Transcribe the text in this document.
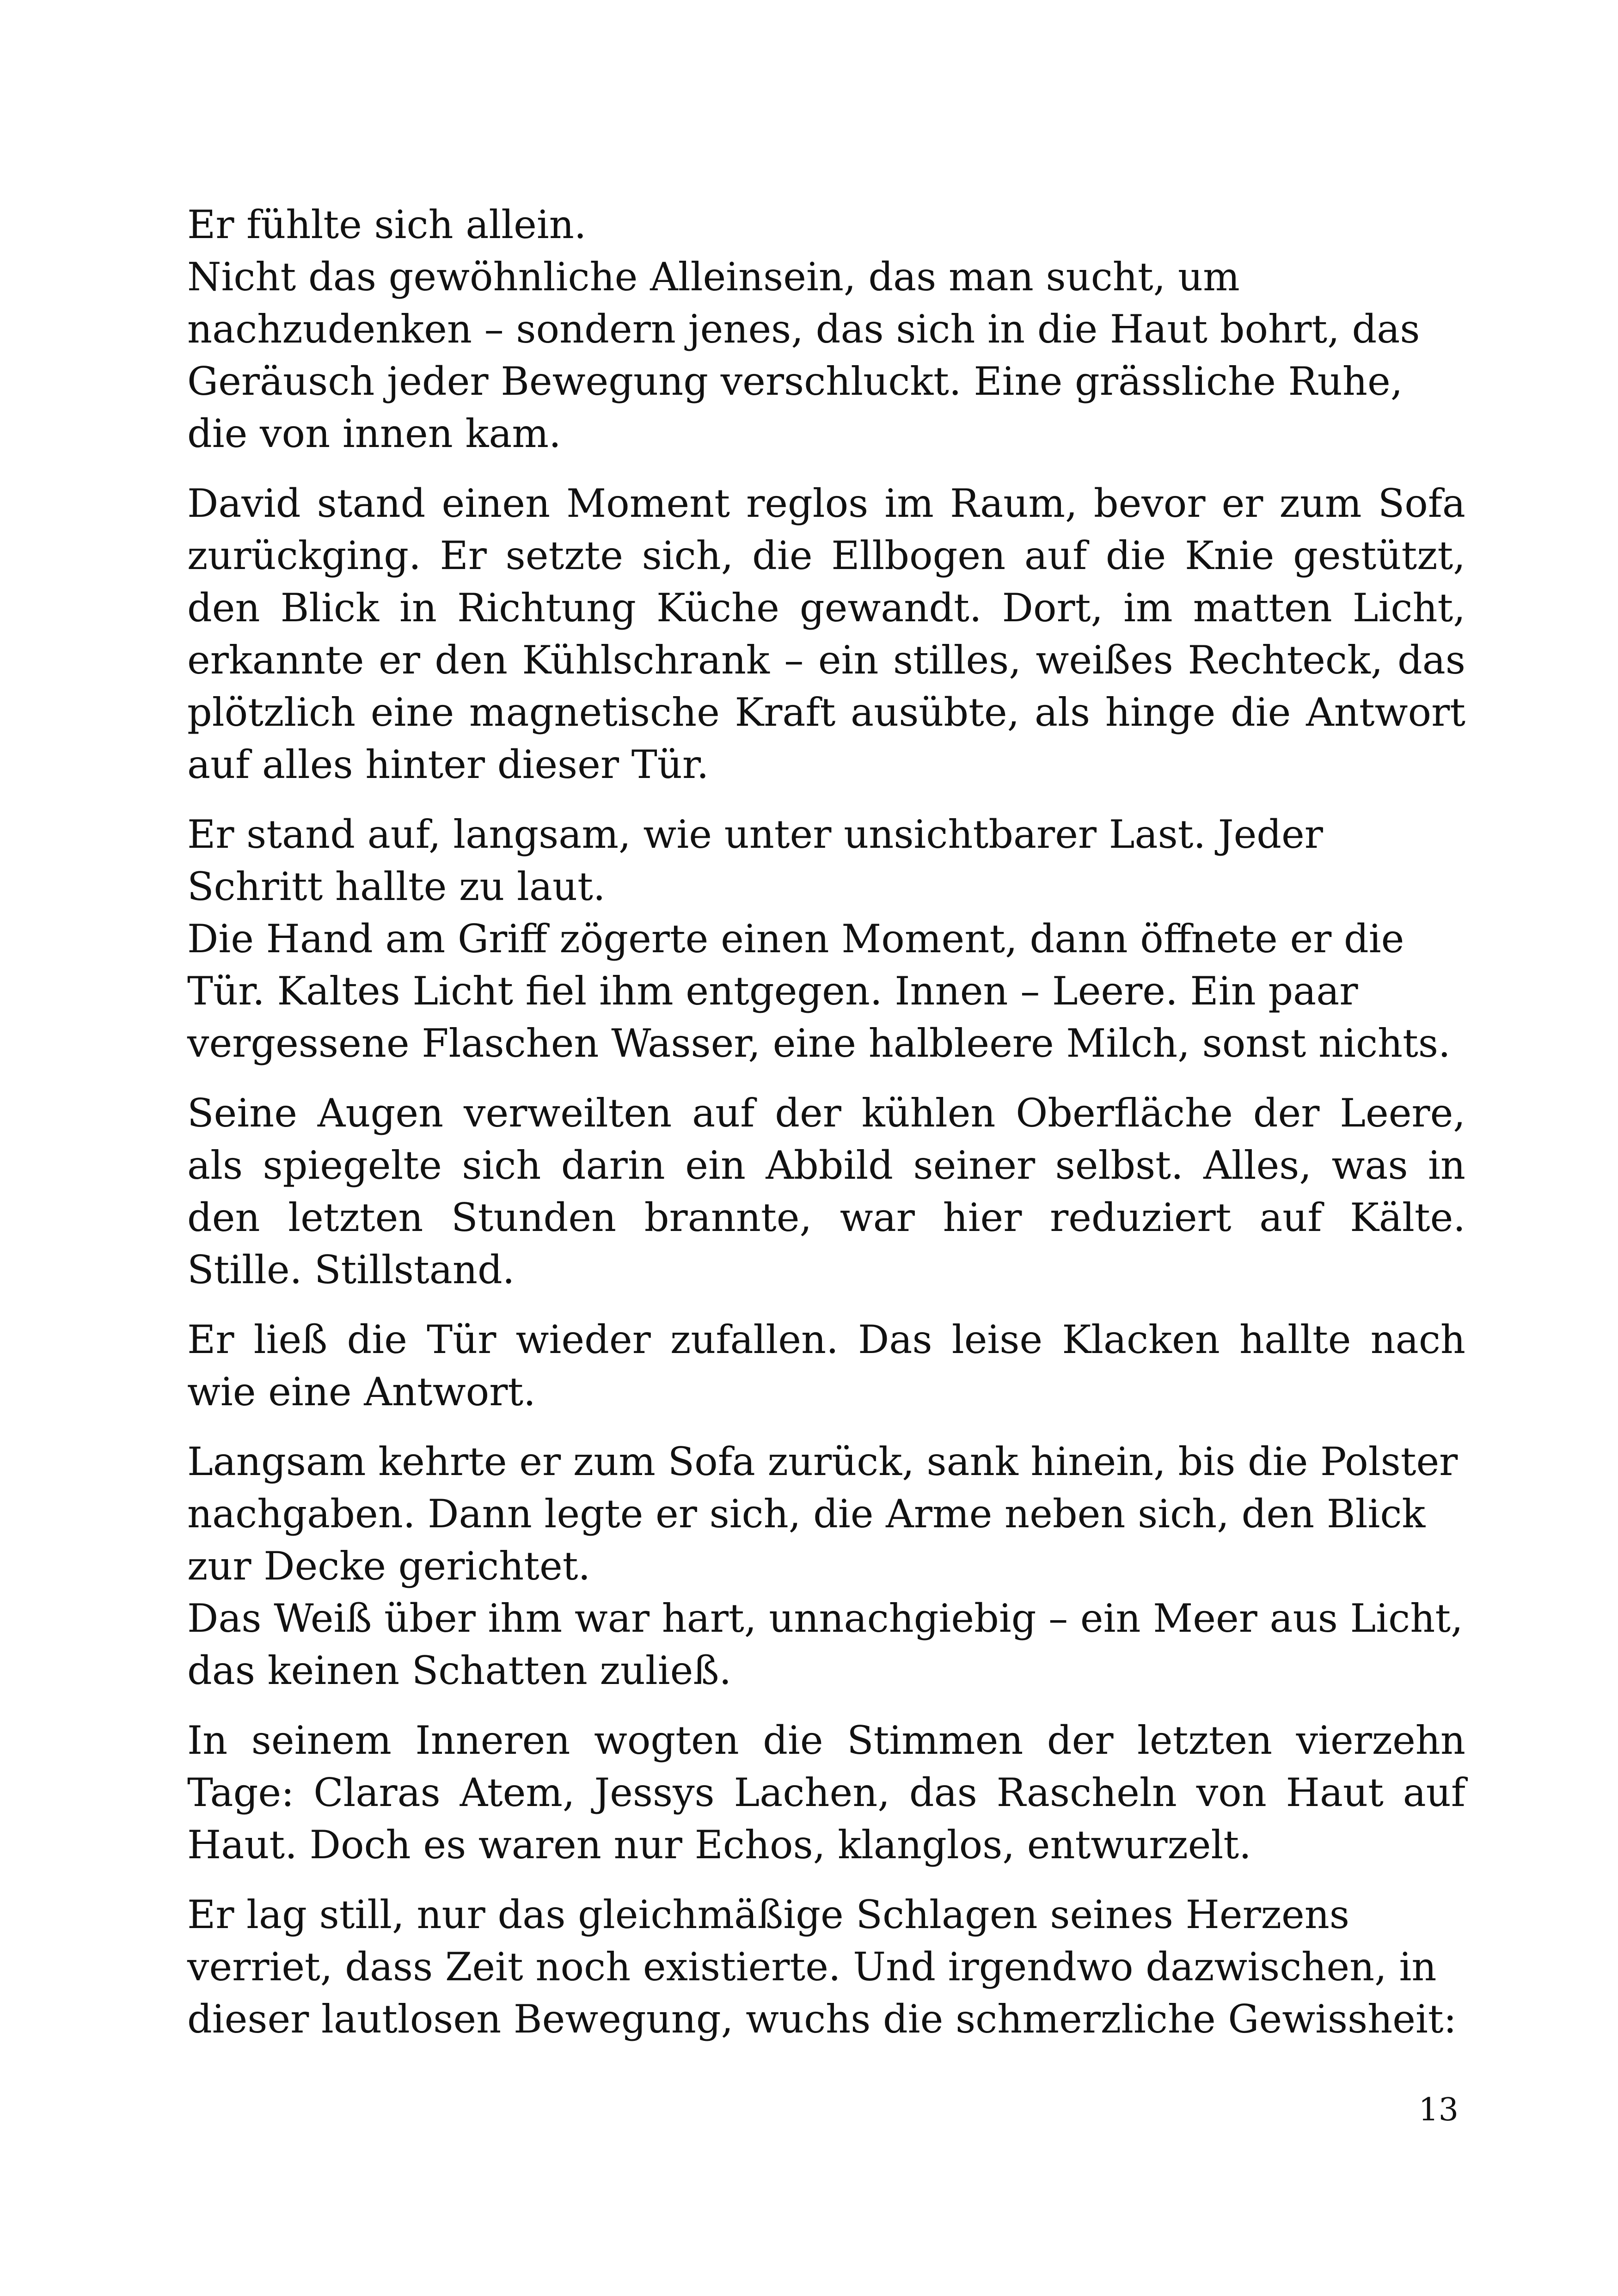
Er fühlte sich allein.

Nicht das gewöhnliche Alleinsein, das man sucht, um nachzudenken – sondern jenes, das sich in die Haut bohrt, das Geräusch jeder Bewegung verschluckt. Eine grässliche Ruhe, die von innen kam.

David stand einen Moment reglos im Raum, bevor er zum Sofa zurückging. Er setzte sich, die Ellbogen auf die Knie gestützt, den Blick in Richtung Küche gewandt. Dort, im matten Licht, erkannte er den Kühlschrank – ein stilles, weißes Rechteck, das plötzlich eine magnetische Kraft ausübte, als hinge die Antwort auf alles hinter dieser Tür.

Er stand auf, langsam, wie unter unsichtbarer Last. Jeder Schritt hallte zu laut.

Die Hand am Griff zögerte einen Moment, dann öffnete er die Tür. Kaltes Licht fiel ihm entgegen. Innen – Leere. Ein paar vergessene Flaschen Wasser, eine halbleere Milch, sonst nichts.

Seine Augen verweilten auf der kühlen Oberfläche der Leere, als spiegelte sich darin ein Abbild seiner selbst. Alles, was in den letzten Stunden brannte, war hier reduziert auf Kälte. Stille. Stillstand.

Er ließ die Tür wieder zufallen. Das leise Klacken hallte nach wie eine Antwort.

Langsam kehrte er zum Sofa zurück, sank hinein, bis die Polster nachgaben. Dann legte er sich, die Arme neben sich, den Blick zur Decke gerichtet.

Das Weiß über ihm war hart, unnachgiebig – ein Meer aus Licht, das keinen Schatten zuließ.

In seinem Inneren wogten die Stimmen der letzten vierzehn Tage: Claras Atem, Jessys Lachen, das Rascheln von Haut auf Haut. Doch es waren nur Echos, klanglos, entwurzelt.

Er lag still, nur das gleichmäßige Schlagen seines Herzens verriet, dass Zeit noch existierte. Und irgendwo dazwischen, in dieser lautlosen Bewegung, wuchs die schmerzliche Gewissheit:

13
